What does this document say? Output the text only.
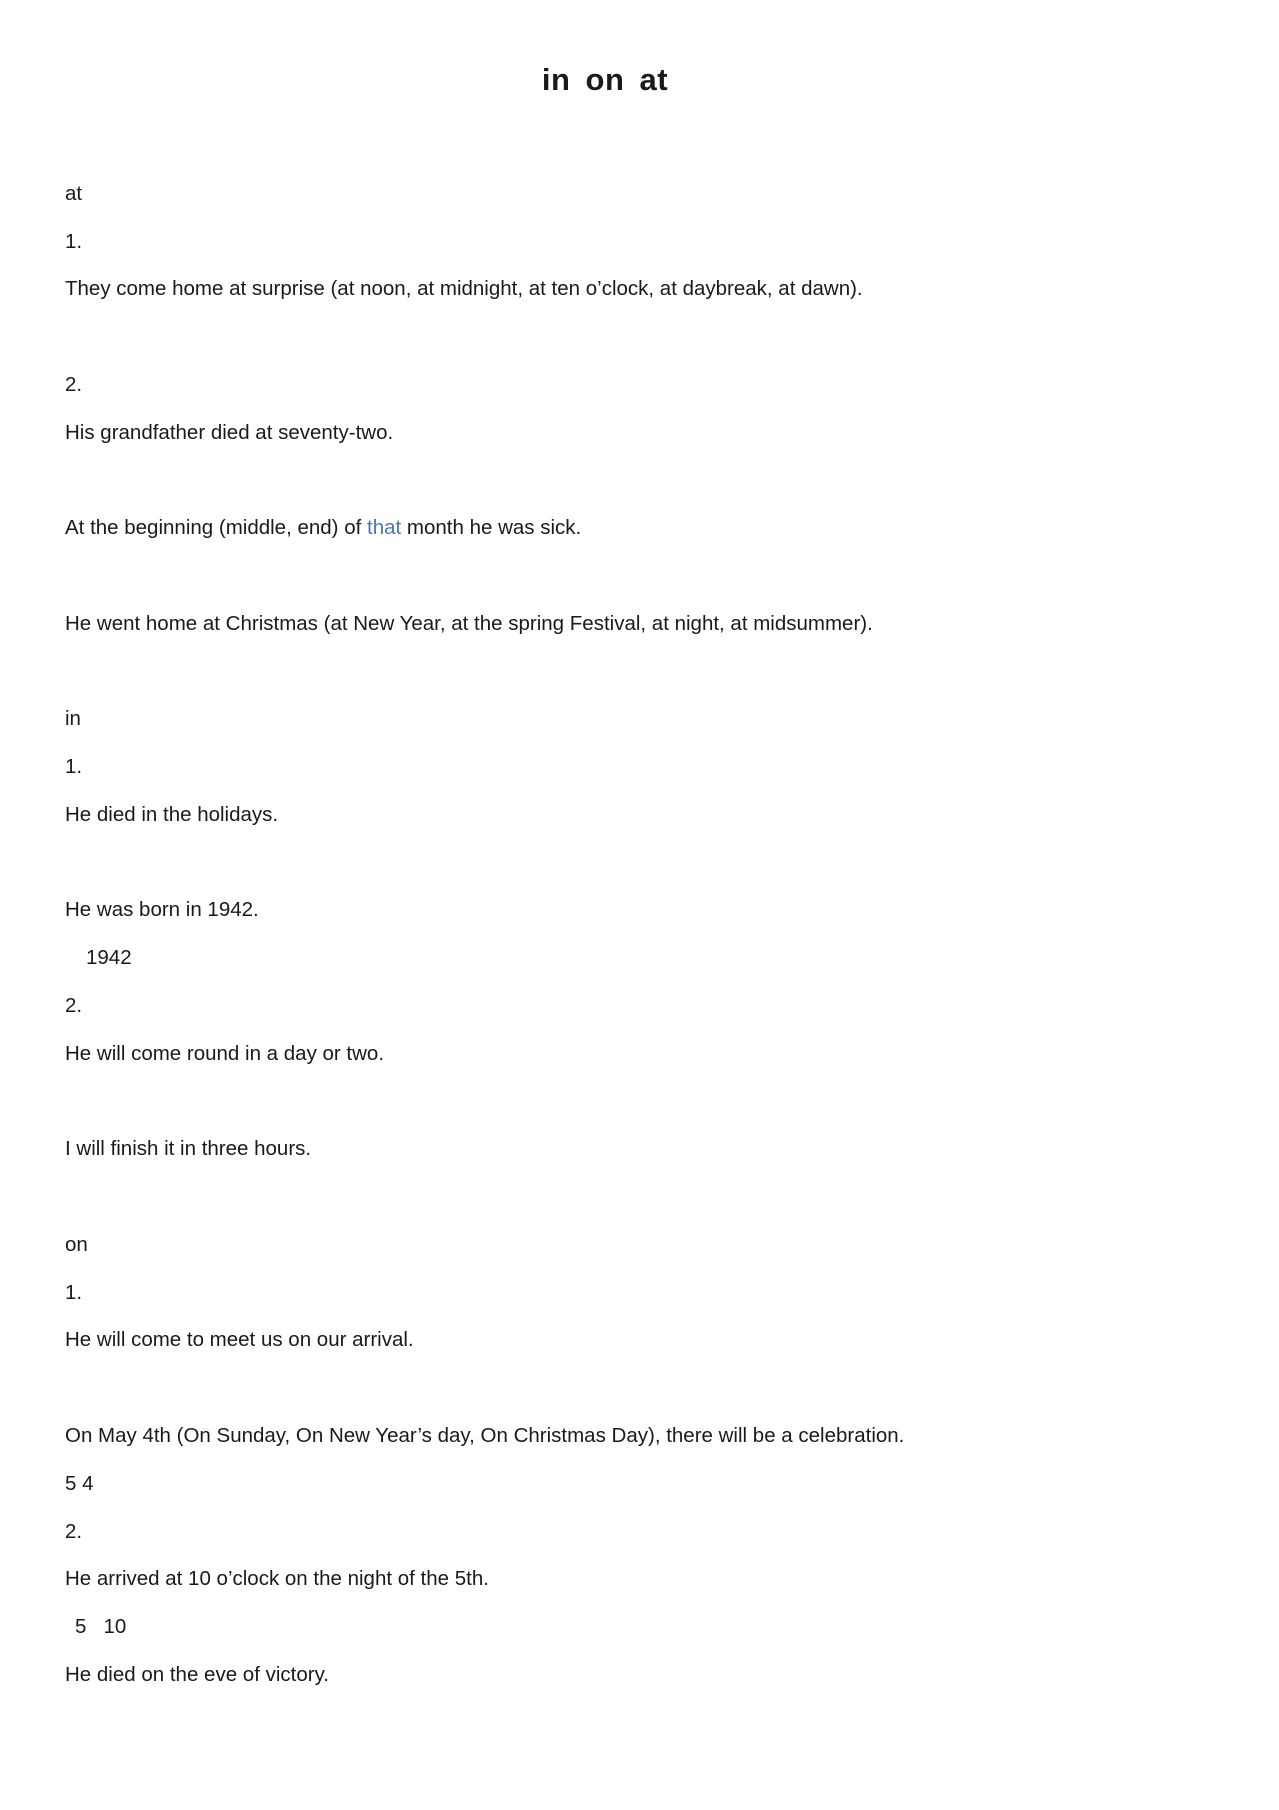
in on at
at
1.
They come home at surprise (at noon, at midnight, at ten o’clock, at daybreak, at dawn).
2.
His grandfather died at seventy-two.
At the beginning (middle, end) of that month he was sick.
He went home at Christmas (at New Year, at the spring Festival, at night, at midsummer).
in
1.
He died in the holidays.
He was born in 1942.
1942
2.
He will come round in a day or two.
I will finish it in three hours.
on
1.
He will come to meet us on our arrival.
On May 4th (On Sunday, On New Year’s day, On Christmas Day), there will be a celebration.
5 4
2.
He arrived at 10 o’clock on the night of the 5th.
5   10
He died on the eve of victory.
